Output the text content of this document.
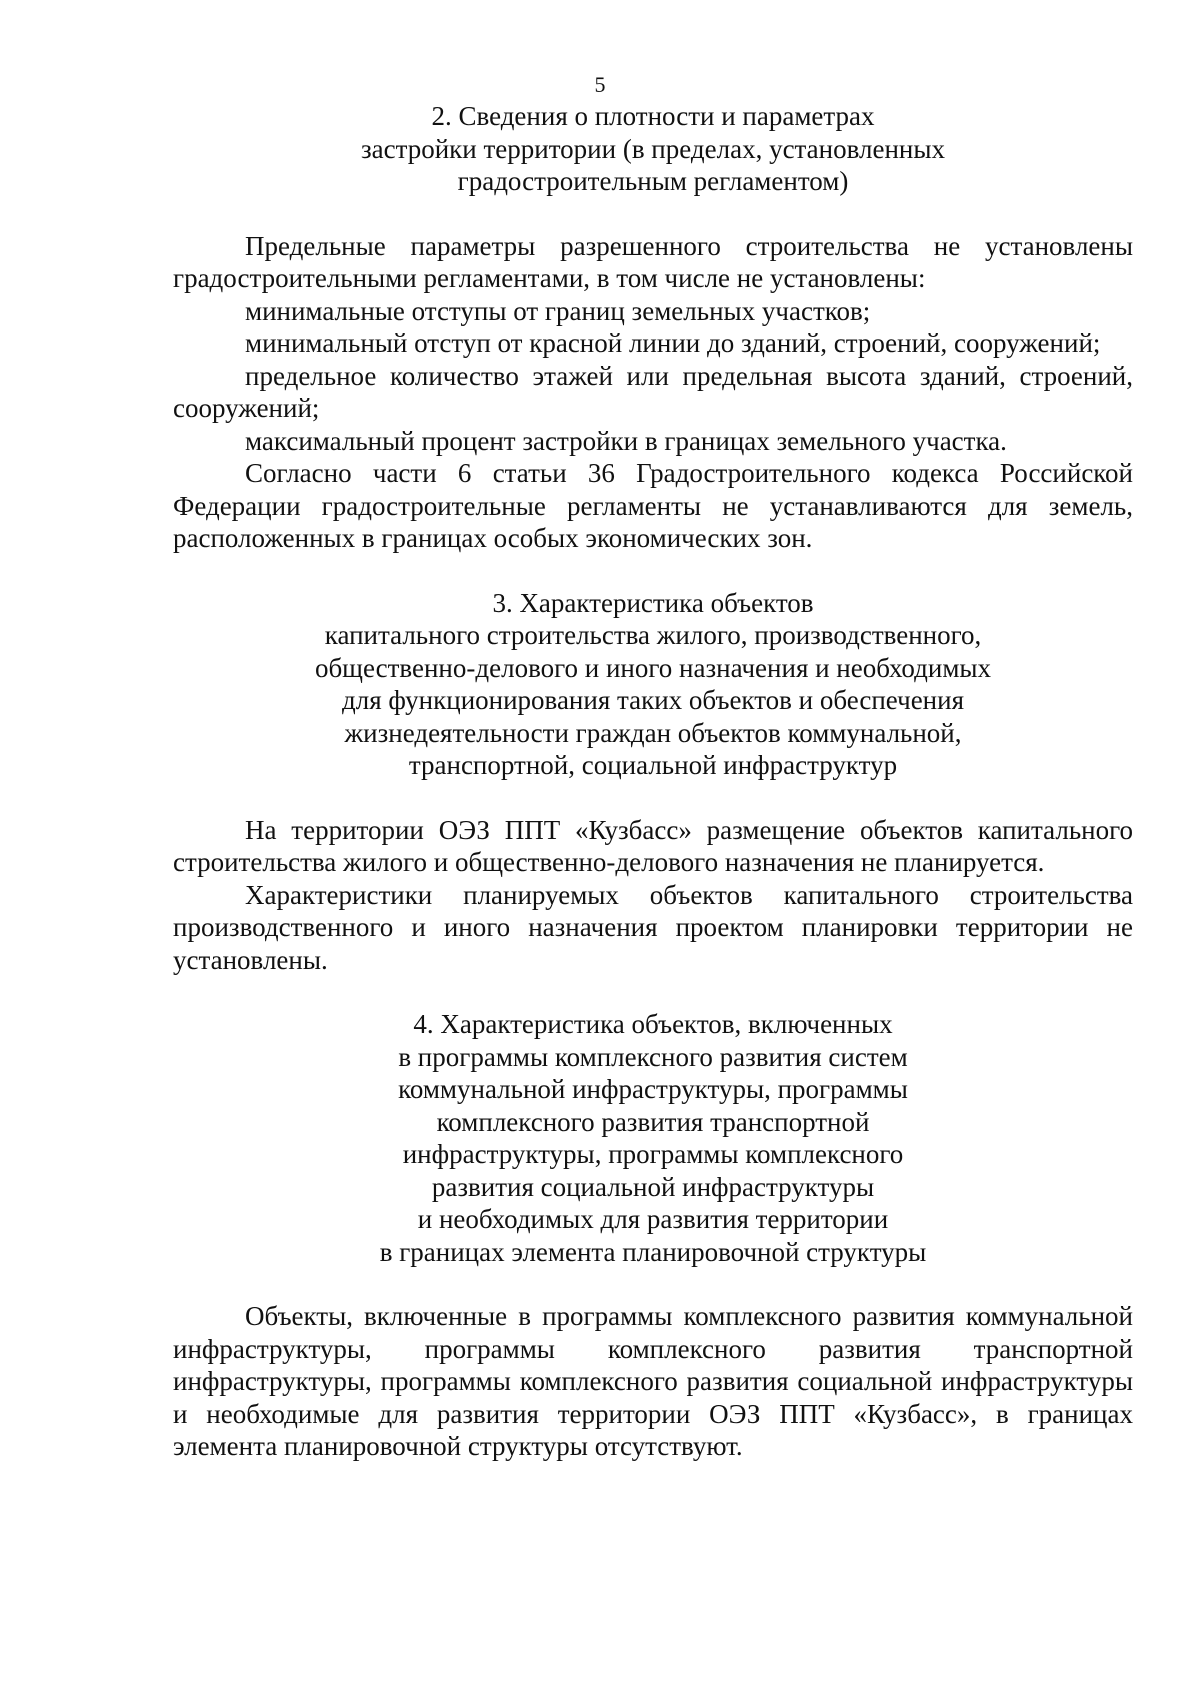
5
2. Сведения о плотности и параметрах
застройки территории (в пределах, установленных
градостроительным регламентом)

Предельные параметры разрешенного строительства не установлены градостроительными регламентами, в том числе не установлены:

минимальные отступы от границ земельных участков;

минимальный отступ от красной линии до зданий, строений, сооружений;

предельное количество этажей или предельная высота зданий, строений, сооружений;

максимальный процент застройки в границах земельного участка.

Согласно части 6 статьи 36 Градостроительного кодекса Российской Федерации градостроительные регламенты не устанавливаются для земель, расположенных в границах особых экономических зон.

3. Характеристика объектов
капитального строительства жилого, производственного,
общественно-делового и иного назначения и необходимых
для функционирования таких объектов и обеспечения
жизнедеятельности граждан объектов коммунальной,
транспортной, социальной инфраструктур

На территории ОЭЗ ППТ «Кузбасс» размещение объектов капитального строительства жилого и общественно-делового назначения не планируется.

Характеристики планируемых объектов капитального строительства производственного и иного назначения проектом планировки территории не установлены.

4. Характеристика объектов, включенных
в программы комплексного развития систем
коммунальной инфраструктуры, программы
комплексного развития транспортной
инфраструктуры, программы комплексного
развития социальной инфраструктуры
и необходимых для развития территории
в границах элемента планировочной структуры

Объекты, включенные в программы комплексного развития коммунальной инфраструктуры, программы комплексного развития транспортной инфраструктуры, программы комплексного развития социальной инфраструктуры и необходимые для развития территории ОЭЗ ППТ «Кузбасс», в границах элемента планировочной структуры отсутствуют.
